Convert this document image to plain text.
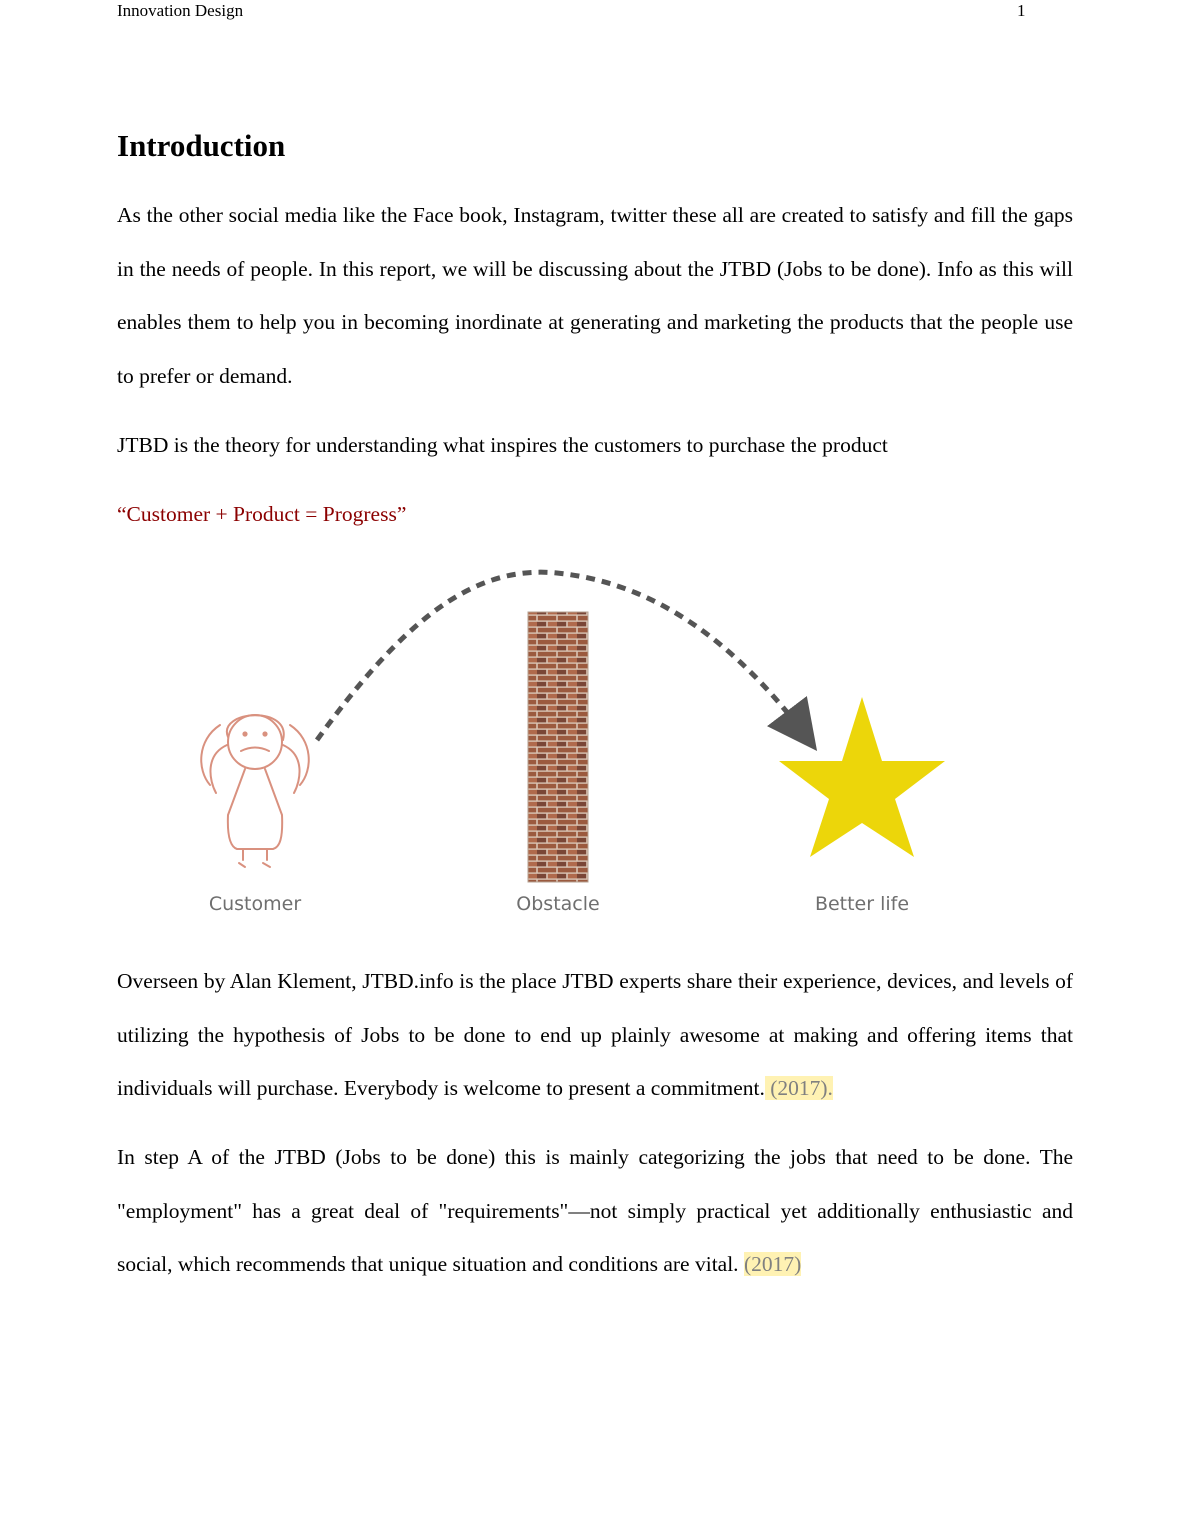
Innovation Design	1
Introduction

As the other social media like the Face book, Instagram, twitter these all are created to satisfy and fill the gaps in the needs of people. In this report, we will be discussing about the JTBD (Jobs to be done). Info as this will enables them to help you in becoming inordinate at generating and marketing the products that the people use to prefer or demand.

JTBD is the theory for understanding what inspires the customers to purchase the product

“Customer + Product = Progress”

Customer	Obstacle	Better life

Overseen by Alan Klement, JTBD.info is the place JTBD experts share their experience, devices, and levels of utilizing the hypothesis of Jobs to be done to end up plainly awesome at making and offering items that individuals will purchase. Everybody is welcome to present a commitment. (2017).

In step A of the JTBD (Jobs to be done) this is mainly categorizing the jobs that need to be done. The "employment" has a great deal of "requirements"—not simply practical yet additionally enthusiastic and social, which recommends that unique situation and conditions are vital. (2017)
